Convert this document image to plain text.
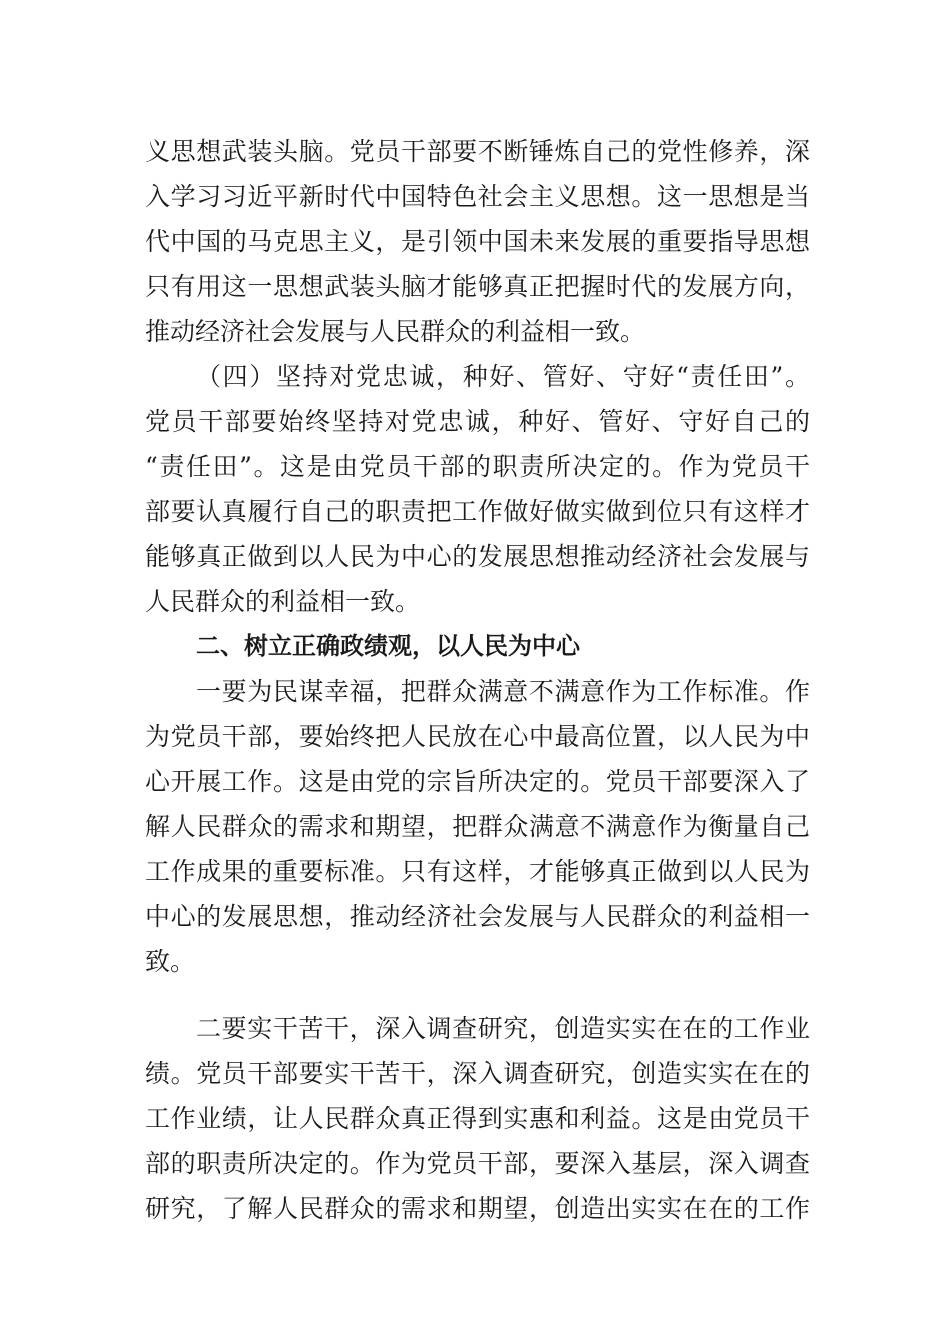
义思想武装头脑。党员干部要不断锤炼自己的党性修养，深
入学习习近平新时代中国特色社会主义思想。这一思想是当
代中国的马克思主义，是引领中国未来发展的重要指导思想
只有用这一思想武装头脑才能够真正把握时代的发展方向，
推动经济社会发展与人民群众的利益相一致。
（四）坚持对党忠诚，种好、管好、守好“责任田”。
党员干部要始终坚持对党忠诚，种好、管好、守好自己的
“责任田”。这是由党员干部的职责所决定的。作为党员干
部要认真履行自己的职责把工作做好做实做到位只有这样才
能够真正做到以人民为中心的发展思想推动经济社会发展与
人民群众的利益相一致。
二、树立正确政绩观，以人民为中心
一要为民谋幸福，把群众满意不满意作为工作标准。作
为党员干部，要始终把人民放在心中最高位置，以人民为中
心开展工作。这是由党的宗旨所决定的。党员干部要深入了
解人民群众的需求和期望，把群众满意不满意作为衡量自己
工作成果的重要标准。只有这样，才能够真正做到以人民为
中心的发展思想，推动经济社会发展与人民群众的利益相一
致。
二要实干苦干，深入调查研究，创造实实在在的工作业
绩。党员干部要实干苦干，深入调查研究，创造实实在在的
工作业绩，让人民群众真正得到实惠和利益。这是由党员干
部的职责所决定的。作为党员干部，要深入基层，深入调查
研究，了解人民群众的需求和期望，创造出实实在在的工作
